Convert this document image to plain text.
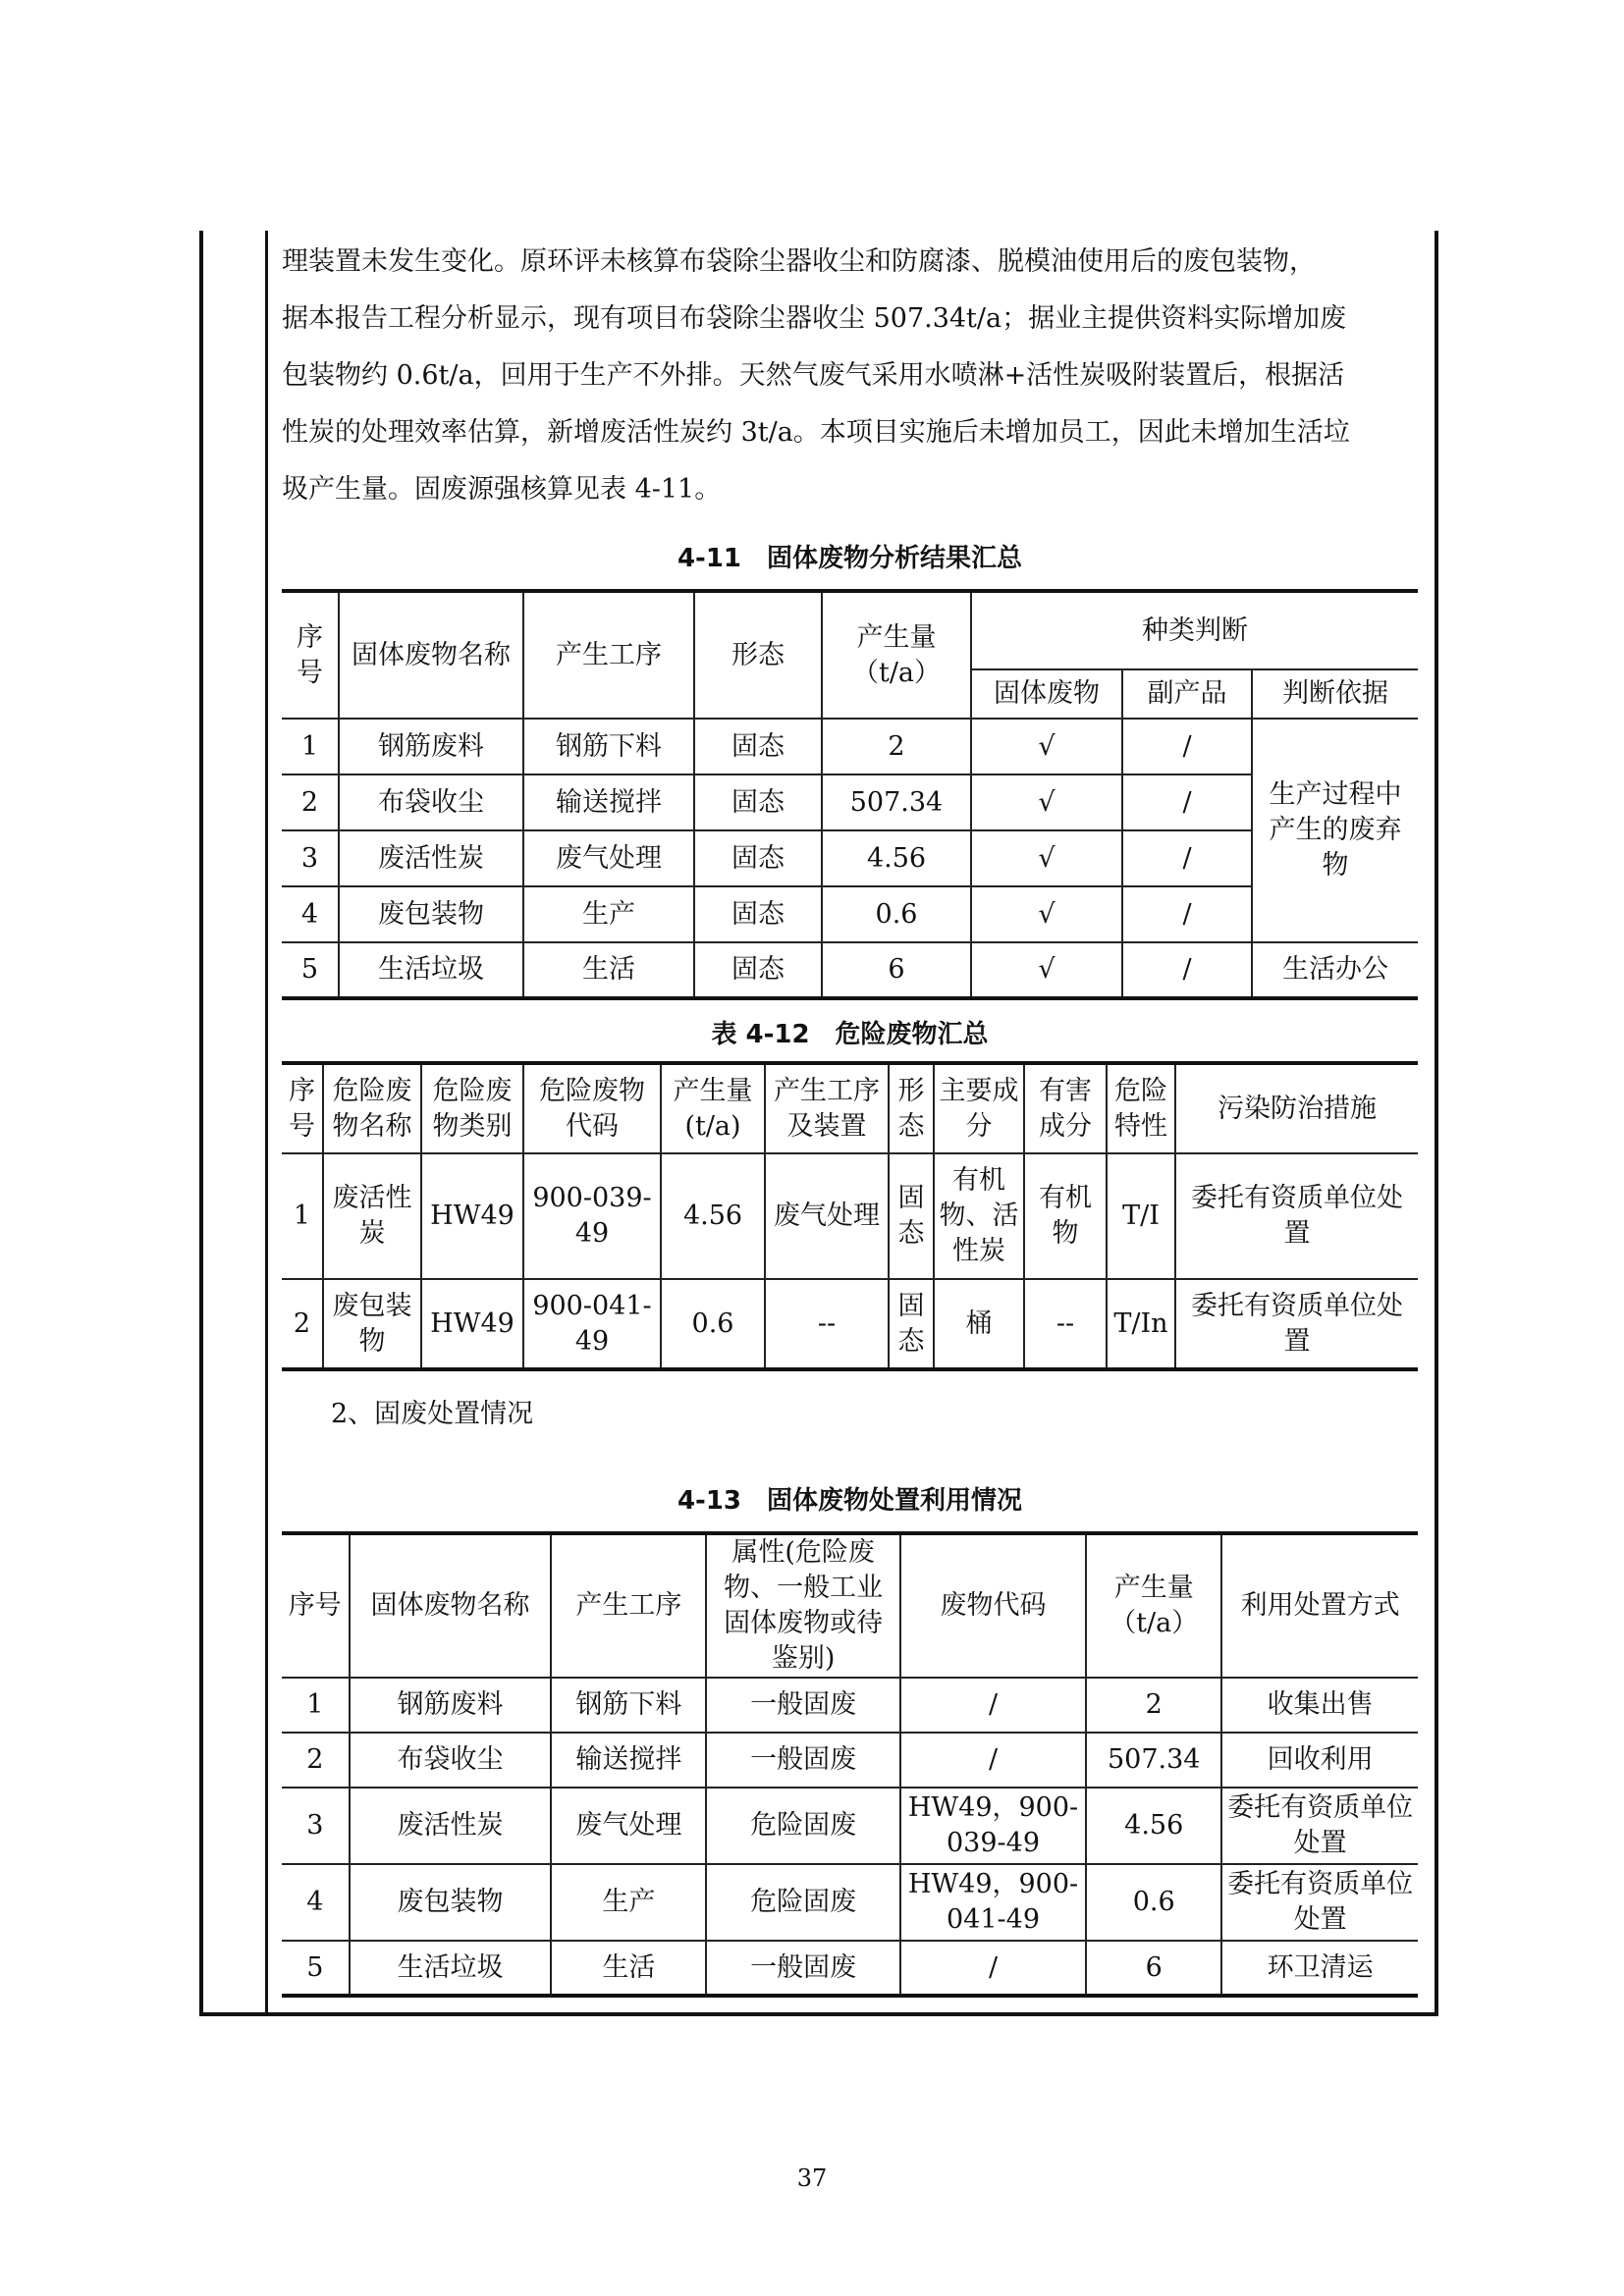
理装置未发生变化。原环评未核算布袋除尘器收尘和防腐漆、脱模油使用后的废包装物，
据本报告工程分析显示，现有项目布袋除尘器收尘 507.34t/a；据业主提供资料实际增加废
包装物约 0.6t/a，回用于生产不外排。天然气废气采用水喷淋+活性炭吸附装置后，根据活
性炭的处理效率估算，新增废活性炭约 3t/a。本项目实施后未增加员工，因此未增加生活垃
圾产生量。固废源强核算见表 4-11。
4-11　固体废物分析结果汇总
序号	固体废物名称	产生工序	形态	产生量（t/a）	种类判断		
					固体废物	副产品	判断依据
1	钢筋废料	钢筋下料	固态	2	√	/	生产过程中产生的废弃物
2	布袋收尘	输送搅拌	固态	507.34	√	/	
3	废活性炭	废气处理	固态	4.56	√	/	
4	废包装物	生产	固态	0.6	√	/	
5	生活垃圾	生活	固态	6	√	/	生活办公
表 4-12　危险废物汇总
序号	危险废物名称	危险废物类别	危险废物代码	产生量(t/a)	产生工序及装置	形态	主要成分	有害成分	危险特性	污染防治措施
1	废活性炭	HW49	900-039-49	4.56	废气处理	固态	有机物、活性炭	有机物	T/I	委托有资质单位处置
2	废包装物	HW49	900-041-49	0.6	--	固态	桶	--	T/In	委托有资质单位处置
2、固废处置情况
4-13　固体废物处置利用情况
序号	固体废物名称	产生工序	属性(危险废物、一般工业固体废物或待鉴别)	废物代码	产生量（t/a）	利用处置方式
1	钢筋废料	钢筋下料	一般固废	/	2	收集出售
2	布袋收尘	输送搅拌	一般固废	/	507.34	回收利用
3	废活性炭	废气处理	危险固废	HW49，900-039-49	4.56	委托有资质单位处置
4	废包装物	生产	危险固废	HW49，900-041-49	0.6	委托有资质单位处置
5	生活垃圾	生活	一般固废	/	6	环卫清运
37
